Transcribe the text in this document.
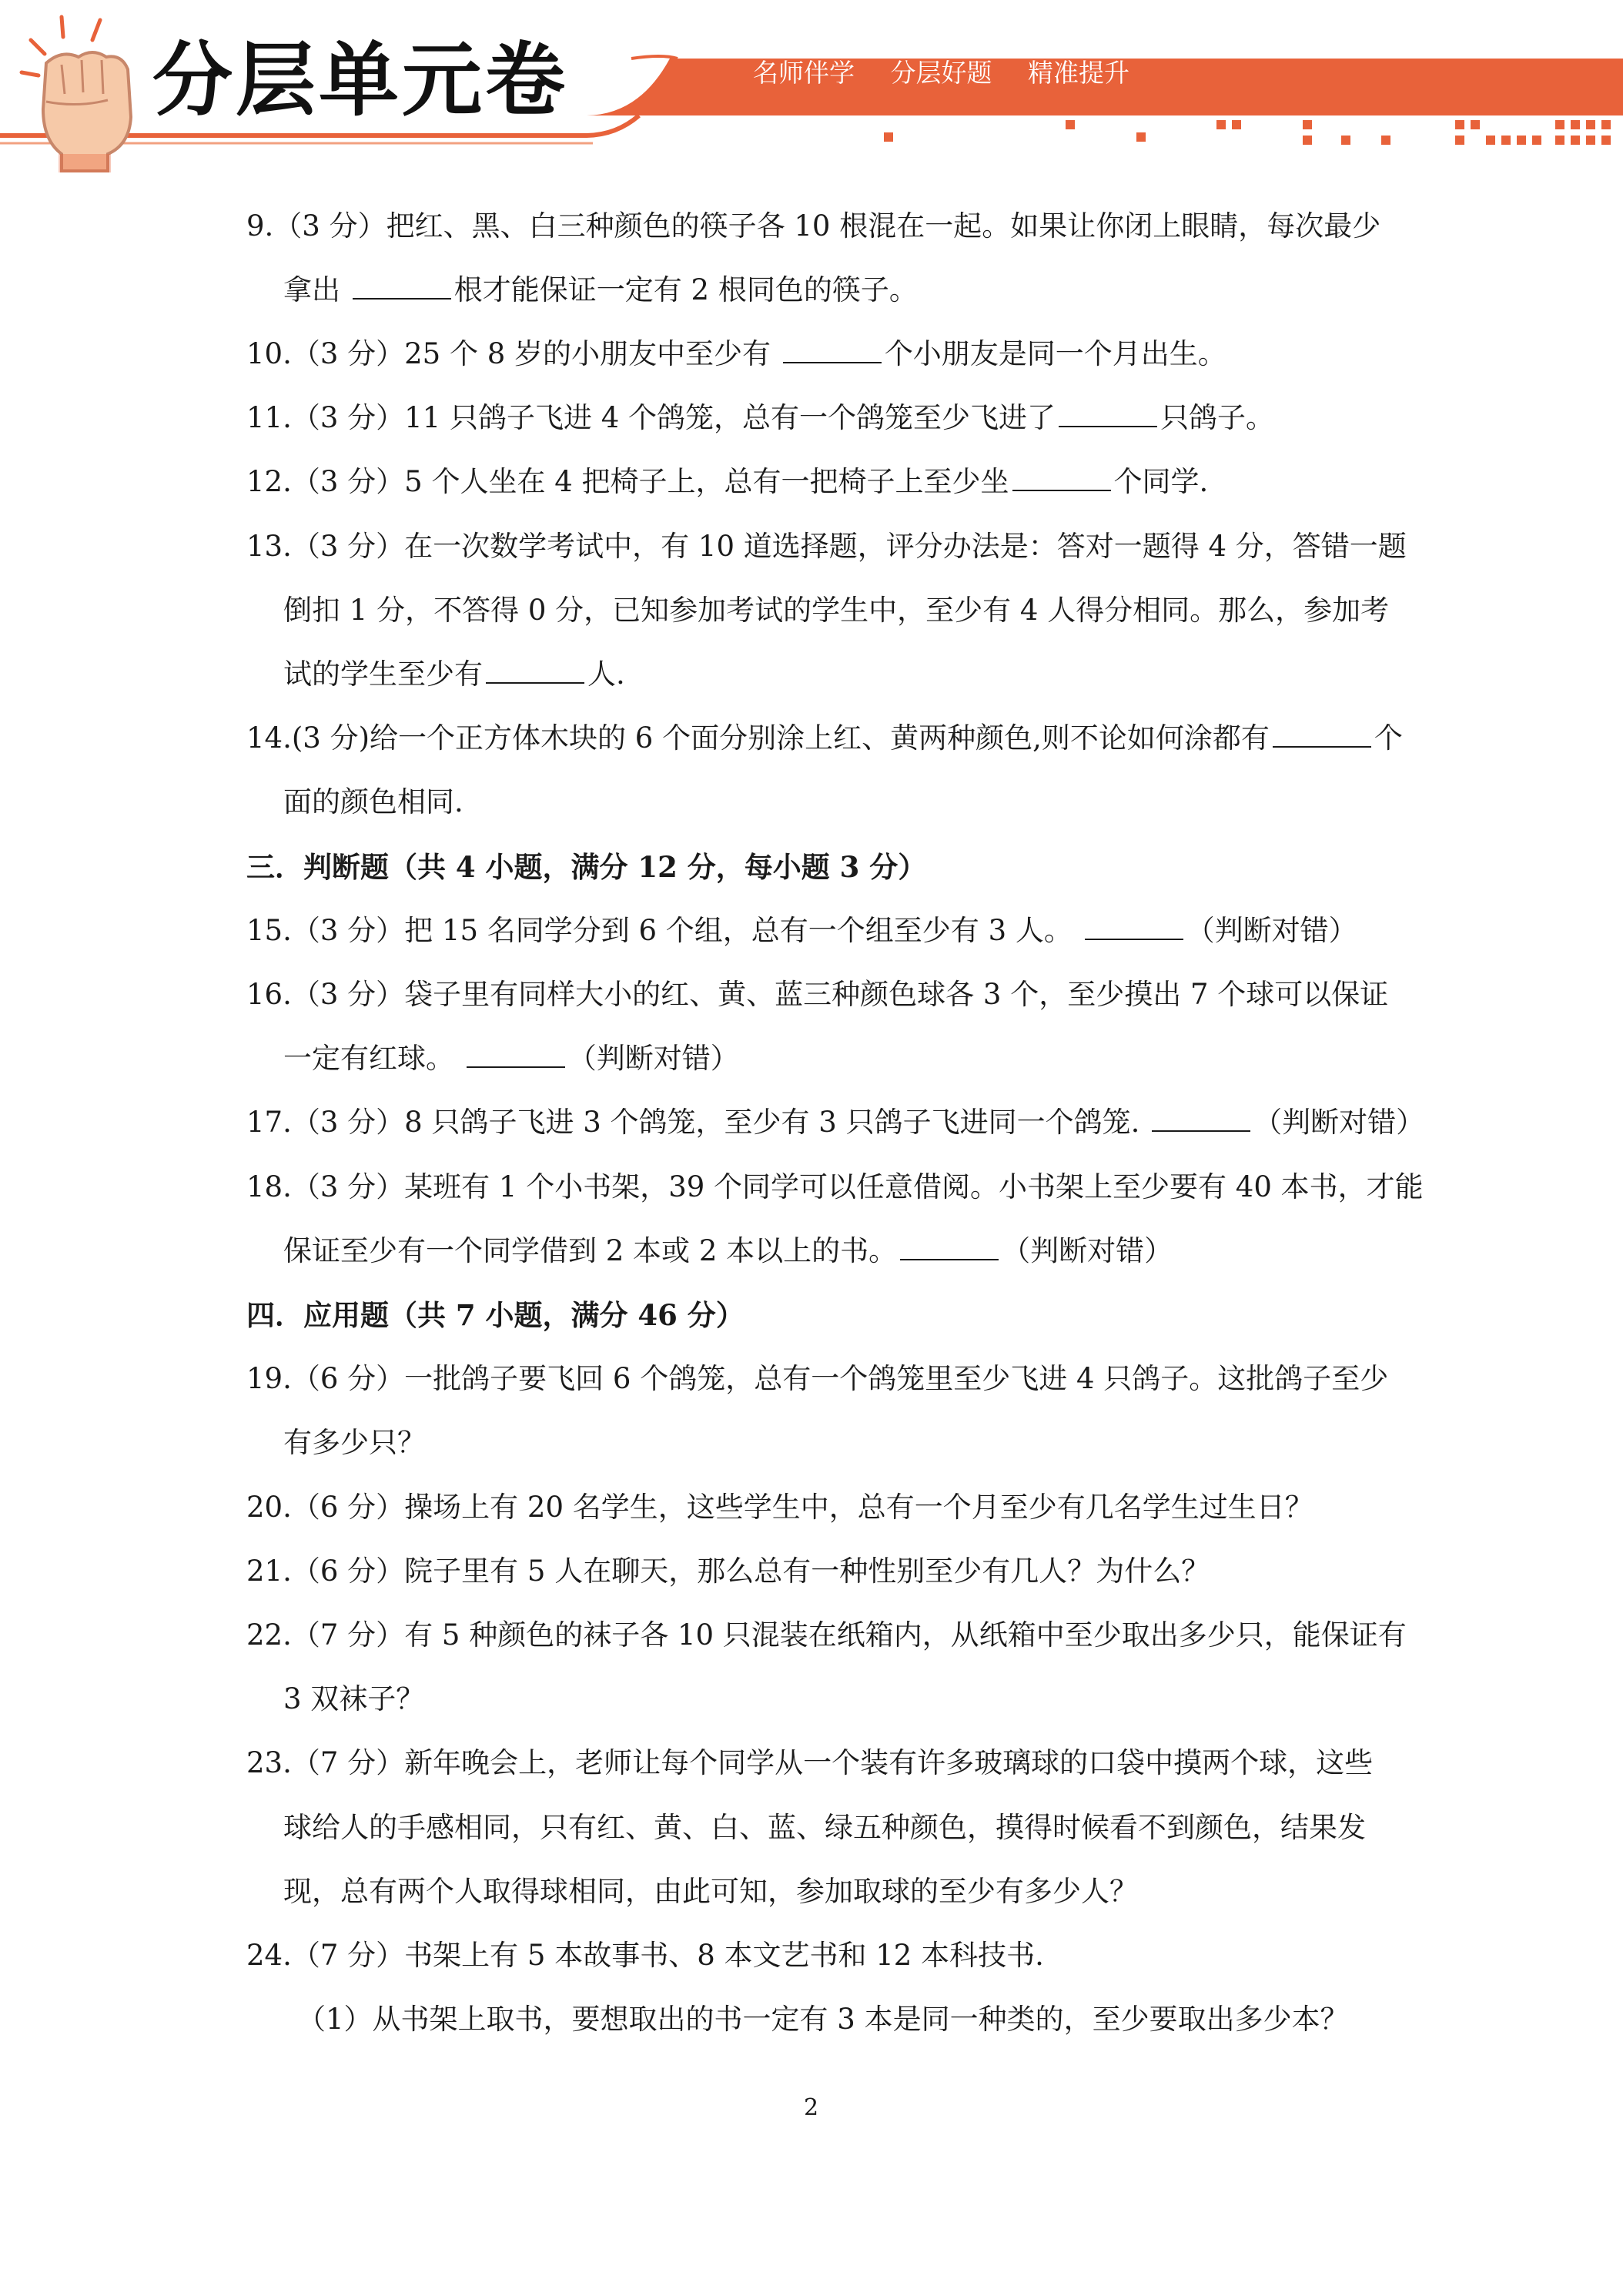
分层单元卷	名师伴学 分层好题 精准提升
9.（3 分）把红、黑、白三种颜色的筷子各 10 根混在一起。如果让你闭上眼睛，每次最少
拿出	根才能保证一定有 2 根同色的筷子。
10.（3 分）25 个 8 岁的小朋友中至少有	个小朋友是同一个月出生。
11.（3 分）11 只鸽子飞进 4 个鸽笼，总有一个鸽笼至少飞进了	只鸽子。
12.（3 分）5 个人坐在 4 把椅子上，总有一把椅子上至少坐	个同学.
13.（3 分）在一次数学考试中，有 10 道选择题，评分办法是：答对一题得 4 分，答错一题
倒扣 1 分，不答得 0 分，已知参加考试的学生中，至少有 4 人得分相同。那么，参加考
试的学生至少有	人.
14.(3 分)给一个正方体木块的 6 个面分别涂上红、黄两种颜色,则不论如何涂都有	个
面的颜色相同.
三．判断题（共 4 小题，满分 12 分，每小题 3 分）
15.（3 分）把 15 名同学分到 6 个组，总有一个组至少有 3 人。	（判断对错）
16.（3 分）袋子里有同样大小的红、黄、蓝三种颜色球各 3 个，至少摸出 7 个球可以保证
一定有红球。	（判断对错）
17.（3 分）8 只鸽子飞进 3 个鸽笼，至少有 3 只鸽子飞进同一个鸽笼.	（判断对错）
18.（3 分）某班有 1 个小书架，39 个同学可以任意借阅。小书架上至少要有 40 本书，才能
保证至少有一个同学借到 2 本或 2 本以上的书。	（判断对错）
四．应用题（共 7 小题，满分 46 分）
19.（6 分）一批鸽子要飞回 6 个鸽笼，总有一个鸽笼里至少飞进 4 只鸽子。这批鸽子至少
有多少只？
20.（6 分）操场上有 20 名学生，这些学生中，总有一个月至少有几名学生过生日？
21.（6 分）院子里有 5 人在聊天，那么总有一种性别至少有几人？为什么？
22.（7 分）有 5 种颜色的袜子各 10 只混装在纸箱内，从纸箱中至少取出多少只，能保证有
3 双袜子？
23.（7 分）新年晚会上，老师让每个同学从一个装有许多玻璃球的口袋中摸两个球，这些
球给人的手感相同，只有红、黄、白、蓝、绿五种颜色，摸得时候看不到颜色，结果发
现，总有两个人取得球相同，由此可知，参加取球的至少有多少人？
24.（7 分）书架上有 5 本故事书、8 本文艺书和 12 本科技书.
（1）从书架上取书，要想取出的书一定有 3 本是同一种类的，至少要取出多少本？
2
